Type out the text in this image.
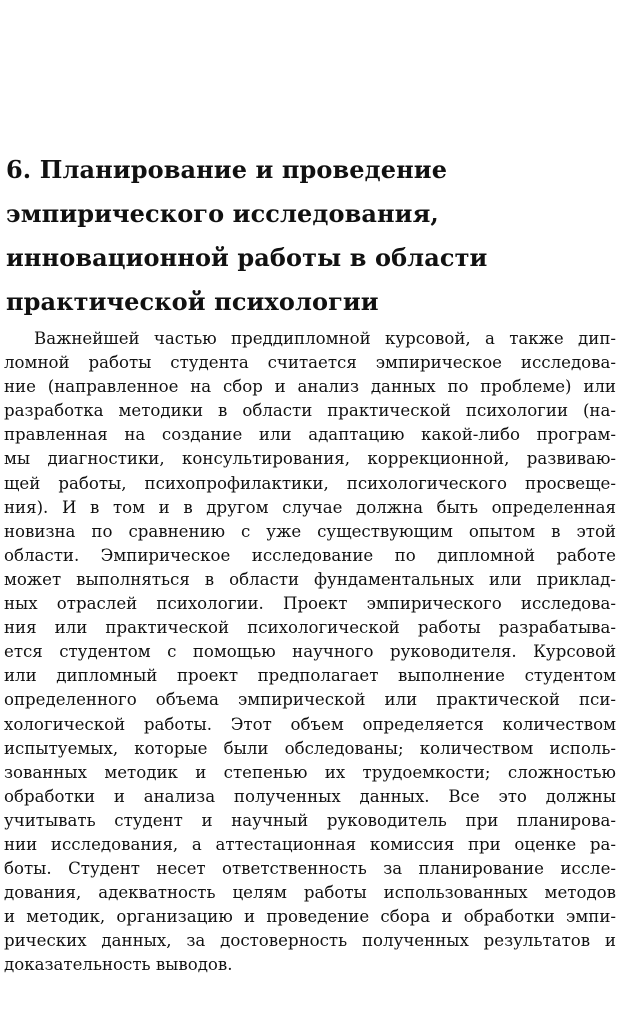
6. Планирование и проведение
эмпирического исследования,
инновационной работы в области
практической психологии
Важнейшей частью преддипломной курсовой, а также дип-
ломной работы студента считается эмпирическое исследова-
ние (направленное на сбор и анализ данных по проблеме) или
разработка методики в области практической психологии (на-
правленная на создание или адаптацию какой-либо програм-
мы диагностики, консультирования, коррекционной, развиваю-
щей работы, психопрофилактики, психологического просвеще-
ния). И в том и в другом случае должна быть определенная
новизна по сравнению с уже существующим опытом в этой
области. Эмпирическое исследование по дипломной работе
может выполняться в области фундаментальных или приклад-
ных отраслей психологии. Проект эмпирического исследова-
ния или практической психологической работы разрабатыва-
ется студентом с помощью научного руководителя. Курсовой
или дипломный проект предполагает выполнение студентом
определенного объема эмпирической или практической пси-
хологической работы. Этот объем определяется количеством
испытуемых, которые были обследованы; количеством исполь-
зованных методик и степенью их трудоемкости; сложностью
обработки и анализа полученных данных. Все это должны
учитывать студент и научный руководитель при планирова-
нии исследования, а аттестационная комиссия при оценке ра-
боты. Студент несет ответственность за планирование иссле-
дования, адекватность целям работы использованных методов
и методик, организацию и проведение сбора и обработки эмпи-
рических данных, за достоверность полученных результатов и
доказательность выводов.
